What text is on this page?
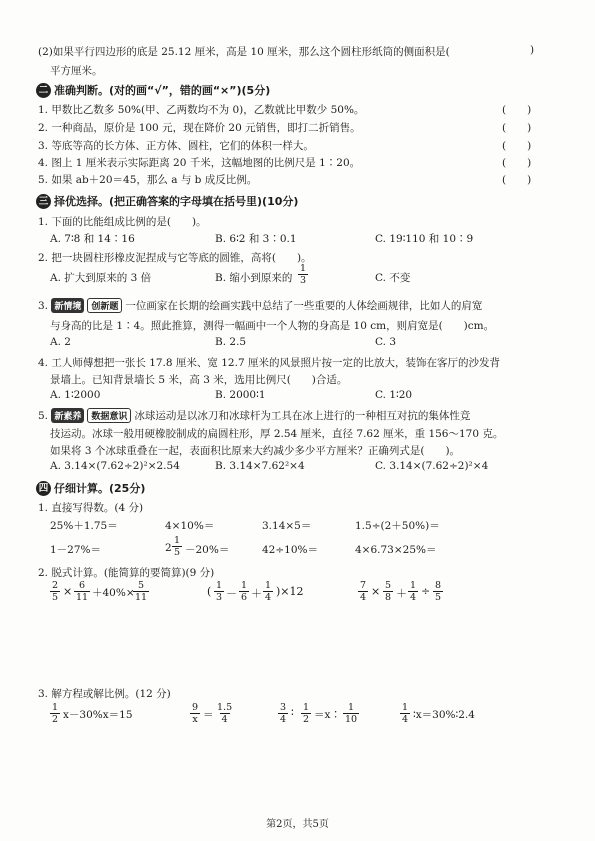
(2)如果平行四边形的底是 25.12 厘米，高是 10 厘米，那么这个圆柱形纸筒的侧面积是(	)
平方厘米。
二 准确判断。(对的画“√”，错的画“×”)(5分)
1. 甲数比乙数多 50%(甲、乙两数均不为 0)，乙数就比甲数少 50%。	(　　)
2. 一种商品，原价是 100 元，现在降价 20 元销售，即打二折销售。	(　　)
3. 等底等高的长方体、正方体、圆柱，它们的体积一样大。	(　　)
4. 图上 1 厘米表示实际距离 20 千米，这幅地图的比例尺是 1∶20。	(　　)
5. 如果 ab＋20＝45，那么 a 与 b 成反比例。	(　　)
三 择优选择。(把正确答案的字母填在括号里)(10分)
1. 下面的比能组成比例的是(　　)。
A. 7∶8 和 14∶16	B. 6∶2 和 3∶0.1	C. 19∶110 和 10∶9
2. 把一块圆柱形橡皮泥捏成与它等底的圆锥，高将(　　)。
A. 扩大到原来的 3 倍	B. 缩小到原来的 $\frac{1}{3}$	C. 不变
3. 新情境 创新题 一位画家在长期的绘画实践中总结了一些重要的人体绘画规律，比如人的肩宽
与身高的比是 1∶4。照此推算，测得一幅画中一个人物的身高是 10 cm，则肩宽是(　　)cm。
A. 2	B. 2.5	C. 3
4. 工人师傅想把一张长 17.8 厘米、宽 12.7 厘米的风景照片按一定的比放大，装饰在客厅的沙发背
景墙上。已知背景墙长 5 米，高 3 米，选用比例尺(　　)合适。
A. 1∶2000	B. 2000∶1	C. 1∶20
5. 新素养 数据意识 冰球运动是以冰刀和冰球杆为工具在冰上进行的一种相互对抗的集体性竞
技运动。冰球一般用硬橡胶制成的扁圆柱形，厚 2.54 厘米，直径 7.62 厘米，重 156～170 克。
如果将 3 个冰球重叠在一起，表面积比原来大约减少多少平方厘米？正确列式是(　　)。
A. 3.14×(7.62÷2)²×2.54	B. 3.14×7.62²×4	C. 3.14×(7.62÷2)²×4
四 仔细计算。(25分)
1. 直接写得数。(4 分)
25%＋1.75＝	4×10%＝	3.14×5＝	1.5÷(2＋50%)＝
1－27%＝	$2 \frac{1}{5} -20\%=$	42÷10%＝	4×6.73×25%＝
2. 脱式计算。(能简算的要简算)(9 分)
$\frac{2}{5} \times \frac{6}{11} +40\%\times$
$\frac{5}{11}$	( $\frac{1}{3} - \frac{1}{6} + \frac{1}{4} )\times 12$	$\frac{7}{4} \times \frac{5}{8} + \frac{1}{4} \div \frac{8}{5}$
3. 解方程或解比例。(12 分)
$\frac{1}{2} x-30\%x=15$	$\frac{9}{x} = \frac{1.5}{4}$	$\frac{3}{4}$ ∶ $\frac{1}{2}$ ＝x∶ $\frac{1}{10}$	$\frac{1}{4}$ ∶x＝30%∶2.4
第2页，共5页
